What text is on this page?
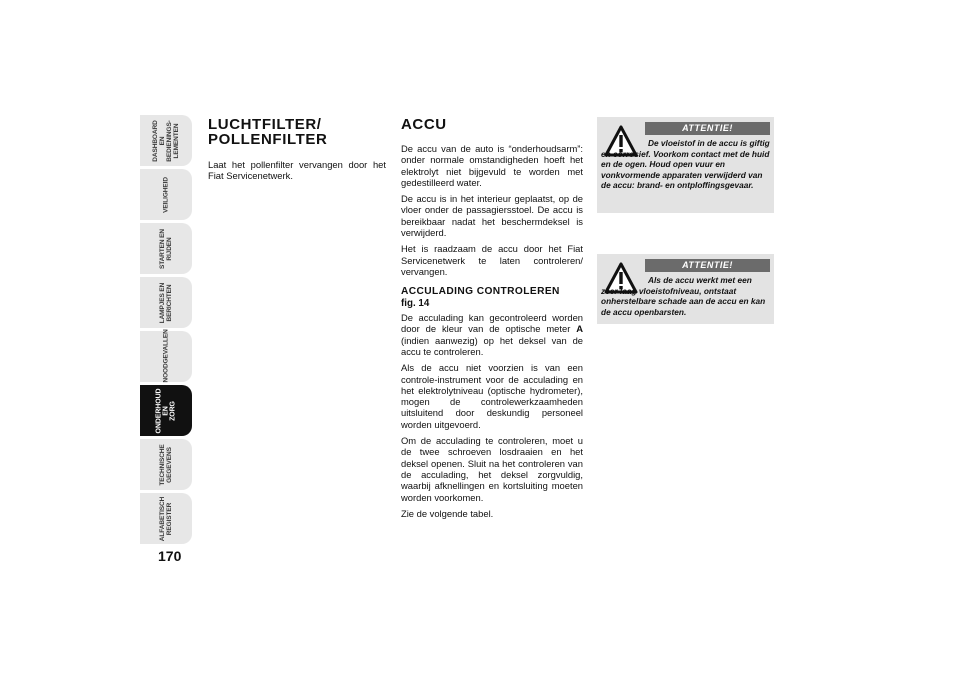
DASHBOARD EN
BEDIENINGS-
LEMENTEN
VEILIGHEID
STARTEN EN
RIJDEN
LAMPJES EN
BERICHTEN
NOODGEVALLEN
ONDERHOUD EN
ZORG
TECHNISCHE
GEGEVENS
ALFABETISCH
REGISTER
170
LUCHTFILTER/
POLLENFILTER

Laat het pollenfilter vervangen door het Fiat Servicenetwerk.

ACCU

De accu van de auto is “onderhoudsarm”: onder normale omstandigheden hoeft het elektrolyt niet bijgevuld te worden met gedestilleerd water.

De accu is in het interieur geplaatst, op de vloer onder de passagiersstoel. De accu is bereikbaar nadat het beschermdeksel is verwijderd.

Het is raadzaam de accu door het Fiat Servicenetwerk te laten controleren/ vervangen.

ACCULADING CONTROLEREN
fig. 14

De acculading kan gecontroleerd worden door de kleur van de optische meter A (indien aanwezig) op het deksel van de accu te controleren.

Als de accu niet voorzien is van een controle-instrument voor de acculading en het elektrolytniveau (optische hydrometer), mogen de controlewerkzaamheden uitsluitend door deskundig personeel worden uitgevoerd.

Om de acculading te controleren, moet u de twee schroeven losdraaien en het deksel openen. Sluit na het controleren van de acculading, het deksel zorgvuldig, waarbij afknellingen en kortsluiting moeten worden voorkomen.

Zie de volgende tabel.

ATTENTIE!
De vloeistof in de accu is giftig en corrosief. Voorkom contact met de huid en de ogen. Houd open vuur en vonkvormende apparaten verwijderd van de accu: brand- en ontploffingsgevaar.
ATTENTIE!
Als de accu werkt met een zeer laag vloeistofniveau, ontstaat onherstelbare schade aan de accu en kan de accu openbarsten.
